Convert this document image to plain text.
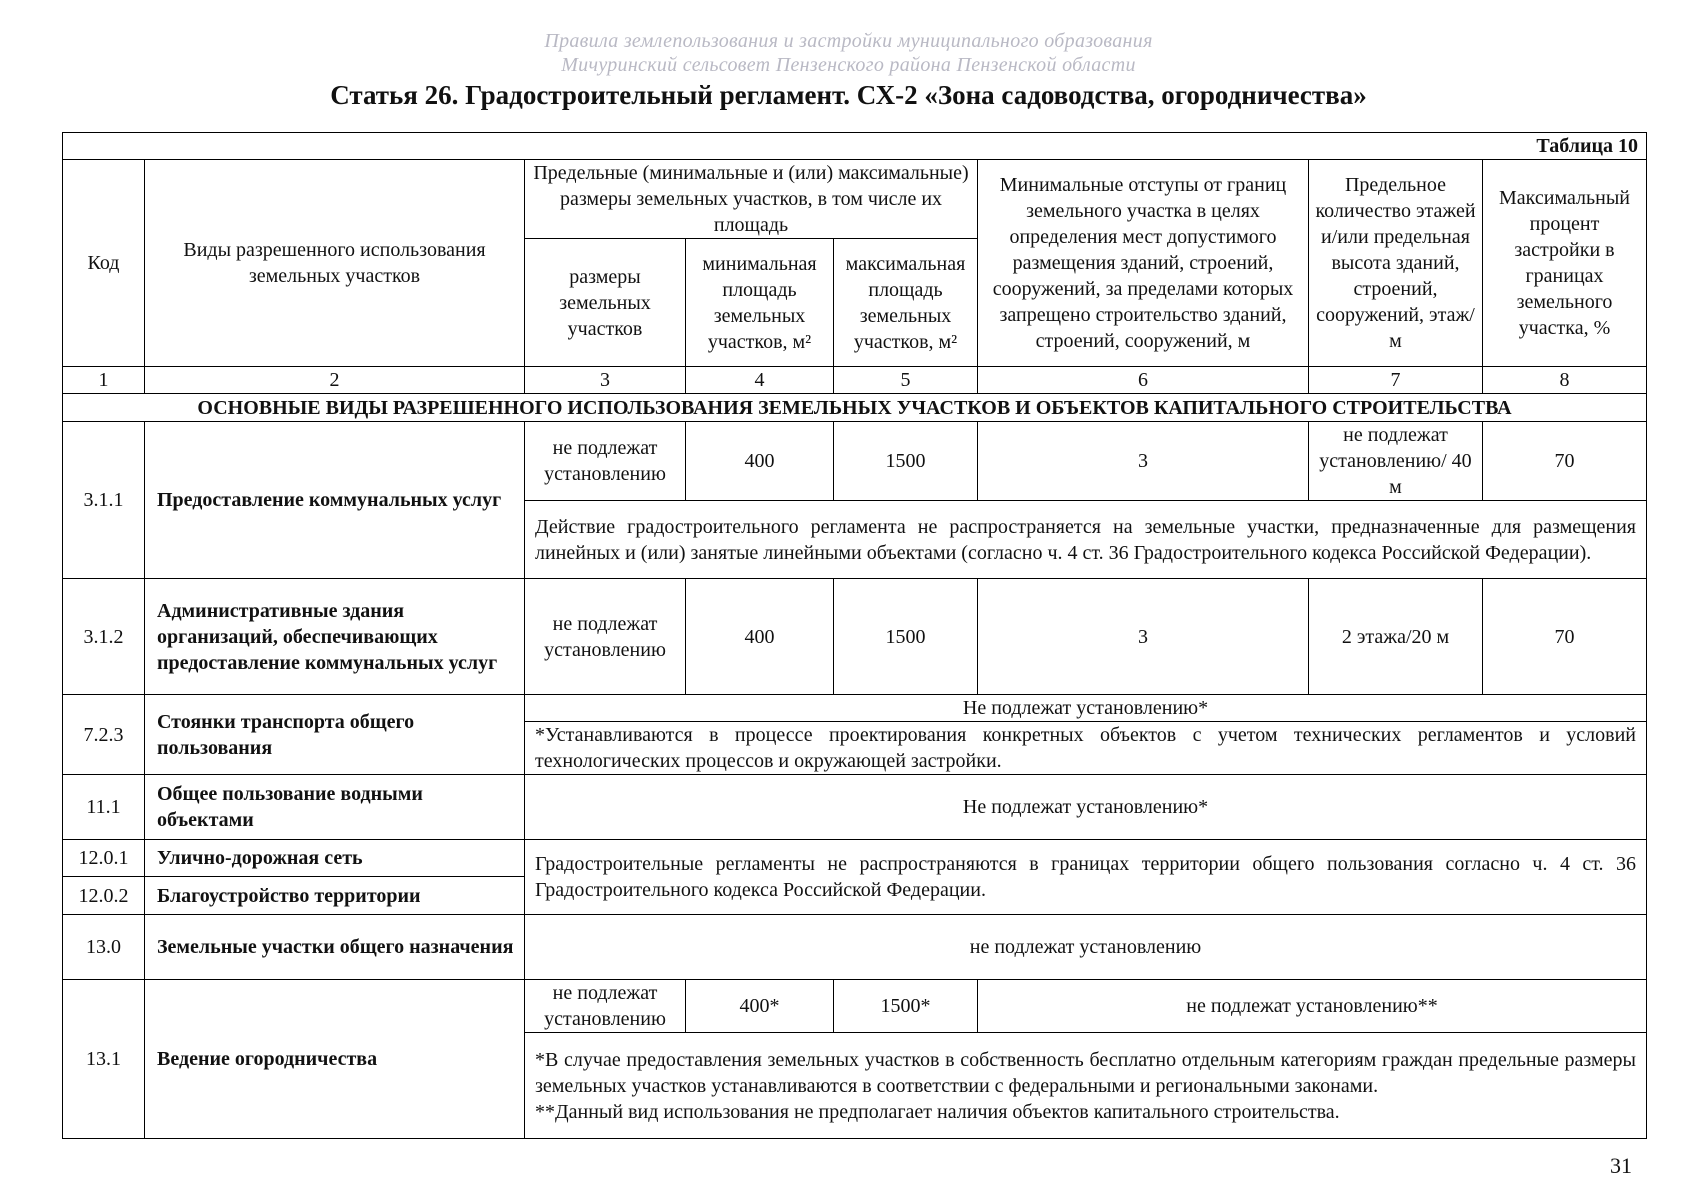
Правила землепользования и застройки муниципального образования
Мичуринский сельсовет Пензенского района Пензенской области
Статья 26. Градостроительный регламент. СХ-2 «Зона садоводства, огородничества»
Таблица 10							
Код	Виды разрешенного использования земельных участков	Предельные (минимальные и (или) максимальные) размеры земельных участков, в том числе их площадь			Минимальные отступы от границ земельного участка в целях определения мест допустимого размещения зданий, строений, сооружений, за пределами которых запрещено строительство зданий, строений, сооружений, м	Предельное количество этажей и/или предельная высота зданий, строений, сооружений, этаж/м	Максимальный процент застройки в границах земельного участка, %
		размеры земельных участков	минимальная площадь земельных участков, м²	максимальная площадь земельных участков, м²			
1	2	3	4	5	6	7	8
ОСНОВНЫЕ ВИДЫ РАЗРЕШЕННОГО ИСПОЛЬЗОВАНИЯ ЗЕМЕЛЬНЫХ УЧАСТКОВ И ОБЪЕКТОВ КАПИТАЛЬНОГО СТРОИТЕЛЬСТВА							
3.1.1	Предоставление коммунальных услуг	не подлежат установлению	400	1500	3	не подлежат установлению/ 40 м	70
		Действие градостроительного регламента не распространяется на земельные участки, предназначенные для размещения линейных и (или) занятые линейными объектами (согласно ч. 4 ст. 36 Градостроительного кодекса Российской Федерации).					
3.1.2	Административные здания организаций, обеспечивающих предоставление коммунальных услуг	не подлежат установлению	400	1500	3	2 этажа/20 м	70
7.2.3	Стоянки транспорта общего пользования	Не подлежат установлению*					
		*Устанавливаются в процессе проектирования конкретных объектов с учетом технических регламентов и условий технологических процессов и окружающей застройки.					
11.1	Общее пользование водными объектами	Не подлежат установлению*					
12.0.1	Улично-дорожная сеть	Градостроительные регламенты не распространяются в границах территории общего пользования согласно ч. 4 ст. 36 Градостроительного кодекса Российской Федерации.					
12.0.2	Благоустройство территории						
13.0	Земельные участки общего назначения	не подлежат установлению					
13.1	Ведение огородничества	не подлежат установлению	400*	1500*	не подлежат установлению**		

		*В случае предоставления земельных участков в собственность бесплатно отдельным категориям граждан предельные размеры земельных участков устанавливаются в соответствии с федеральными и региональными законами.
**Данный вид использования не предполагает наличия объектов капитального строительства.					
31
